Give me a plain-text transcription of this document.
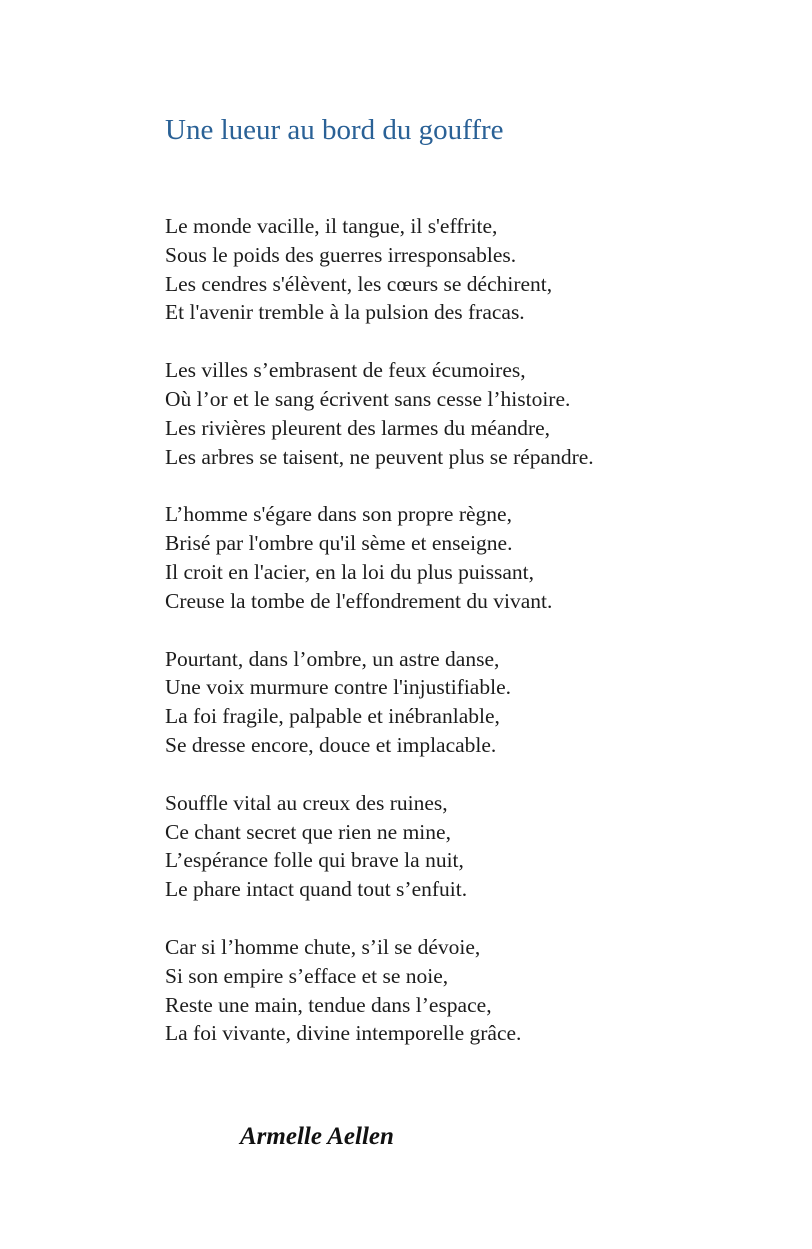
Une lueur au bord du gouffre
Le monde vacille, il tangue, il s'effrite,
Sous le poids des guerres irresponsables.
Les cendres s'élèvent, les cœurs se déchirent,
Et l'avenir tremble à la pulsion des fracas.
Les villes s’embrasent de feux écumoires,
Où l’or et le sang écrivent sans cesse l’histoire.
Les rivières pleurent des larmes du méandre,
Les arbres se taisent, ne peuvent plus se répandre.
L’homme s'égare dans son propre règne,
Brisé par l'ombre qu'il sème et enseigne.
Il croit en l'acier, en la loi du plus puissant,
Creuse la tombe de l'effondrement du vivant.
Pourtant, dans l’ombre, un astre danse,
Une voix murmure contre l'injustifiable.
La foi fragile, palpable et inébranlable,
Se dresse encore, douce et implacable.
Souffle vital au creux des ruines,
Ce chant secret que rien ne mine,
L’espérance folle qui brave la nuit,
Le phare intact quand tout s’enfuit.
Car si l’homme chute, s’il se dévoie,
Si son empire s’efface et se noie,
Reste une main, tendue dans l’espace,
La foi vivante, divine intemporelle grâce.

Armelle Aellen
